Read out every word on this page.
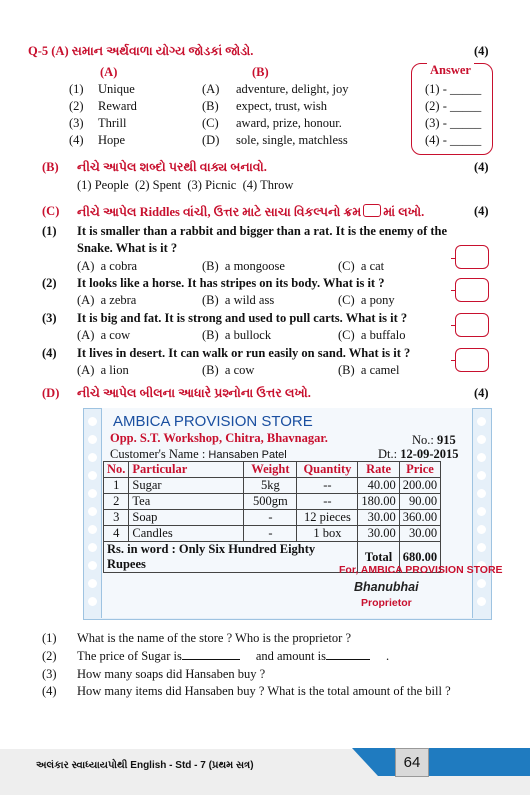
Q-5 (A) સમાન અર્થવાળા યોગ્ય જોડકાં જોડો.	(4)
(A)	(B)	Answer
(1) Unique	(A) adventure, delight, joy	(1) - _____
(2) Reward	(B) expect, trust, wish	(2) - _____
(3) Thrill	(C) award, prize, honour.	(3) - _____
(4) Hope	(D) sole, single, matchless	(4) - _____
(B) નીચે આપેલ શબ્દો પરથી વાક્ય બનાવો.	(4)
(1) People  (2) Spent  (3) Picnic  (4) Throw
(C) નીચે આપેલ Riddles વાંચી, ઉત્તર માટે સાચા વિકલ્પનો ક્રમ માં લખો.	(4)
(1) It is smaller than a rabbit and bigger than a rat. It is the enemy of the
Snake. What is it ?
(A)  a cobra	(B)  a mongoose	(C)  a cat
(2) It looks like a horse. It has stripes on its body. What is it ?
(A)  a zebra	(B)  a wild ass	(C)  a pony
(3) It is big and fat. It is strong and used to pull carts. What is it ?
(A)  a cow	(B)  a bullock	(C)  a buffalo
(4) It lives in desert. It can walk or run easily on sand. What is it ?
(A)  a lion	(B)  a cow	(B)  a camel
(D) નીચે આપેલ બીલના આધારે પ્રશ્નોના ઉત્તર લખો.	(4)
AMBICA PROVISION STORE
Opp. S.T. Workshop, Chitra, Bhavnagar.	No.: 915
Customer's Name : Hansaben Patel	Dt.: 12-09-2015
No.	Particular	Weight	Quantity	Rate	Price
1	Sugar	5kg	--	40.00	200.00
2	Tea	500gm	--	180.00	90.00
3	Soap	-	12 pieces	30.00	360.00
4	Candles	-	1 box	30.00	30.00
Rs. in word : Only Six Hundred Eighty Rupees				Total	680.00
For, AMBICA PROVISION STORE
Bhanubhai
Proprietor
(1) What is the name of the store ? Who is the proprietor ?
(2) The price of Sugar is	and amount is	.
(3) How many soaps did Hansaben buy ?
(4) How many items did Hansaben buy ? What is the total amount of the bill ?
અલંકાર સ્વાધ્યાયપોથી English - Std - 7 (પ્રથમ સત્ર)	64
